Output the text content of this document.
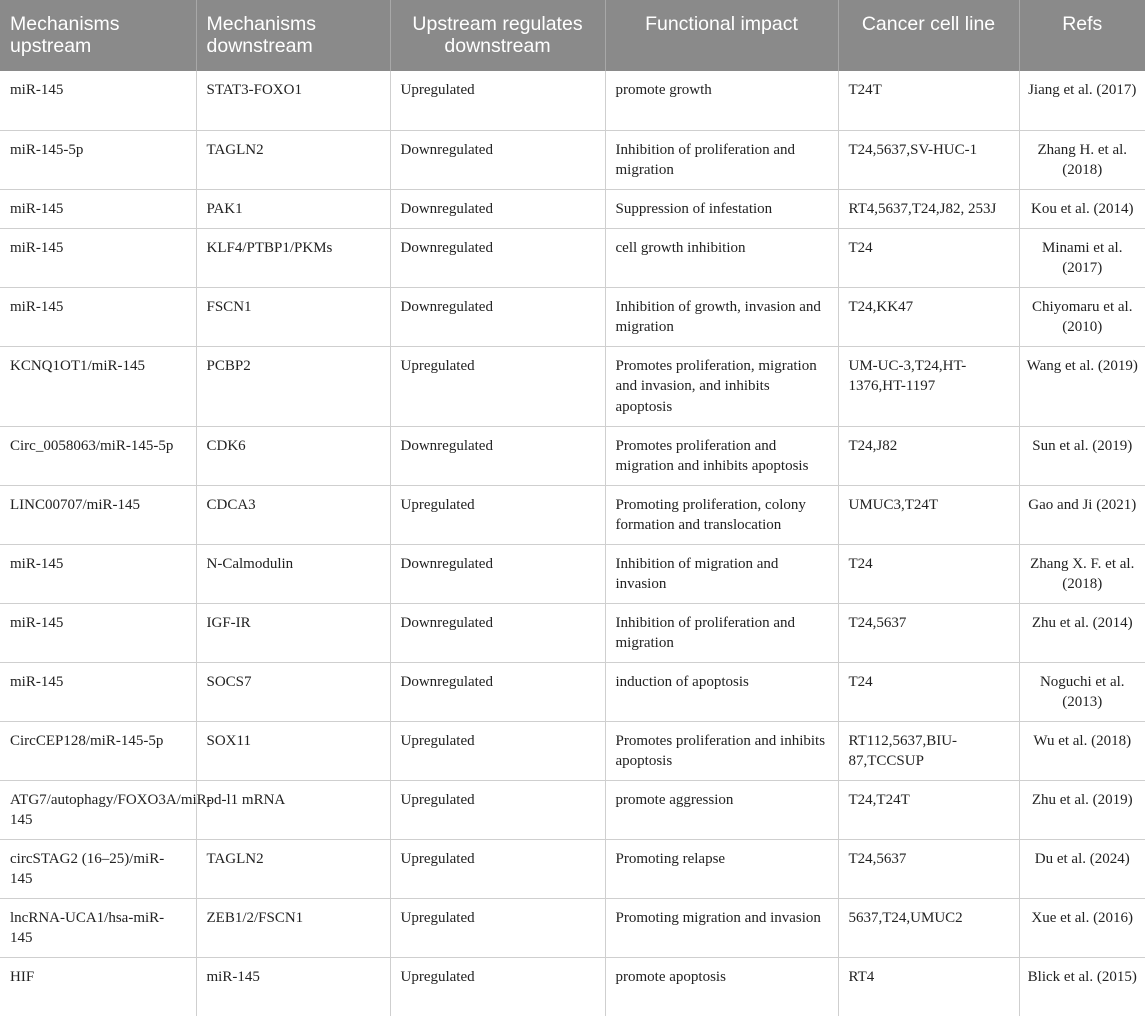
Mechanisms upstream	Mechanisms downstream	Upstream regulates downstream	Functional impact	Cancer cell line	Refs
miR-145	STAT3-FOXO1	Upregulated	promote growth	T24T	Jiang et al. (2017)
miR-145-5p	TAGLN2	Downregulated	Inhibition of proliferation and migration	T24,5637,SV-HUC-1	Zhang H. et al. (2018)
miR-145	PAK1	Downregulated	Suppression of infestation	RT4,5637,T24,J82, 253J	Kou et al. (2014)
miR-145	KLF4/PTBP1/PKMs	Downregulated	cell growth inhibition	T24	Minami et al. (2017)
miR-145	FSCN1	Downregulated	Inhibition of growth, invasion and migration	T24,KK47	Chiyomaru et al. (2010)
KCNQ1OT1/miR-145	PCBP2	Upregulated	Promotes proliferation, migration and invasion, and inhibits apoptosis	UM-UC-3,T24,HT-1376,HT-1197	Wang et al. (2019)
Circ_0058063/miR-145-5p	CDK6	Downregulated	Promotes proliferation and migration and inhibits apoptosis	T24,J82	Sun et al. (2019)
LINC00707/miR-145	CDCA3	Upregulated	Promoting proliferation, colony formation and translocation	UMUC3,T24T	Gao and Ji (2021)
miR-145	N-Calmodulin	Downregulated	Inhibition of migration and invasion	T24	Zhang X. F. et al. (2018)
miR-145	IGF-IR	Downregulated	Inhibition of proliferation and migration	T24,5637	Zhu et al. (2014)
miR-145	SOCS7	Downregulated	induction of apoptosis	T24	Noguchi et al. (2013)
CircCEP128/miR-145-5p	SOX11	Upregulated	Promotes proliferation and inhibits apoptosis	RT112,5637,BIU-87,TCCSUP	Wu et al. (2018)
ATG7/autophagy/FOXO3A/miR-145	pd-l1 mRNA	Upregulated	promote aggression	T24,T24T	Zhu et al. (2019)
circSTAG2 (16–25)/miR-145	TAGLN2	Upregulated	Promoting relapse	T24,5637	Du et al. (2024)
lncRNA-UCA1/hsa-miR-145	ZEB1/2/FSCN1	Upregulated	Promoting migration and invasion	5637,T24,UMUC2	Xue et al. (2016)
HIF	miR-145	Upregulated	promote apoptosis	RT4	Blick et al. (2015)
